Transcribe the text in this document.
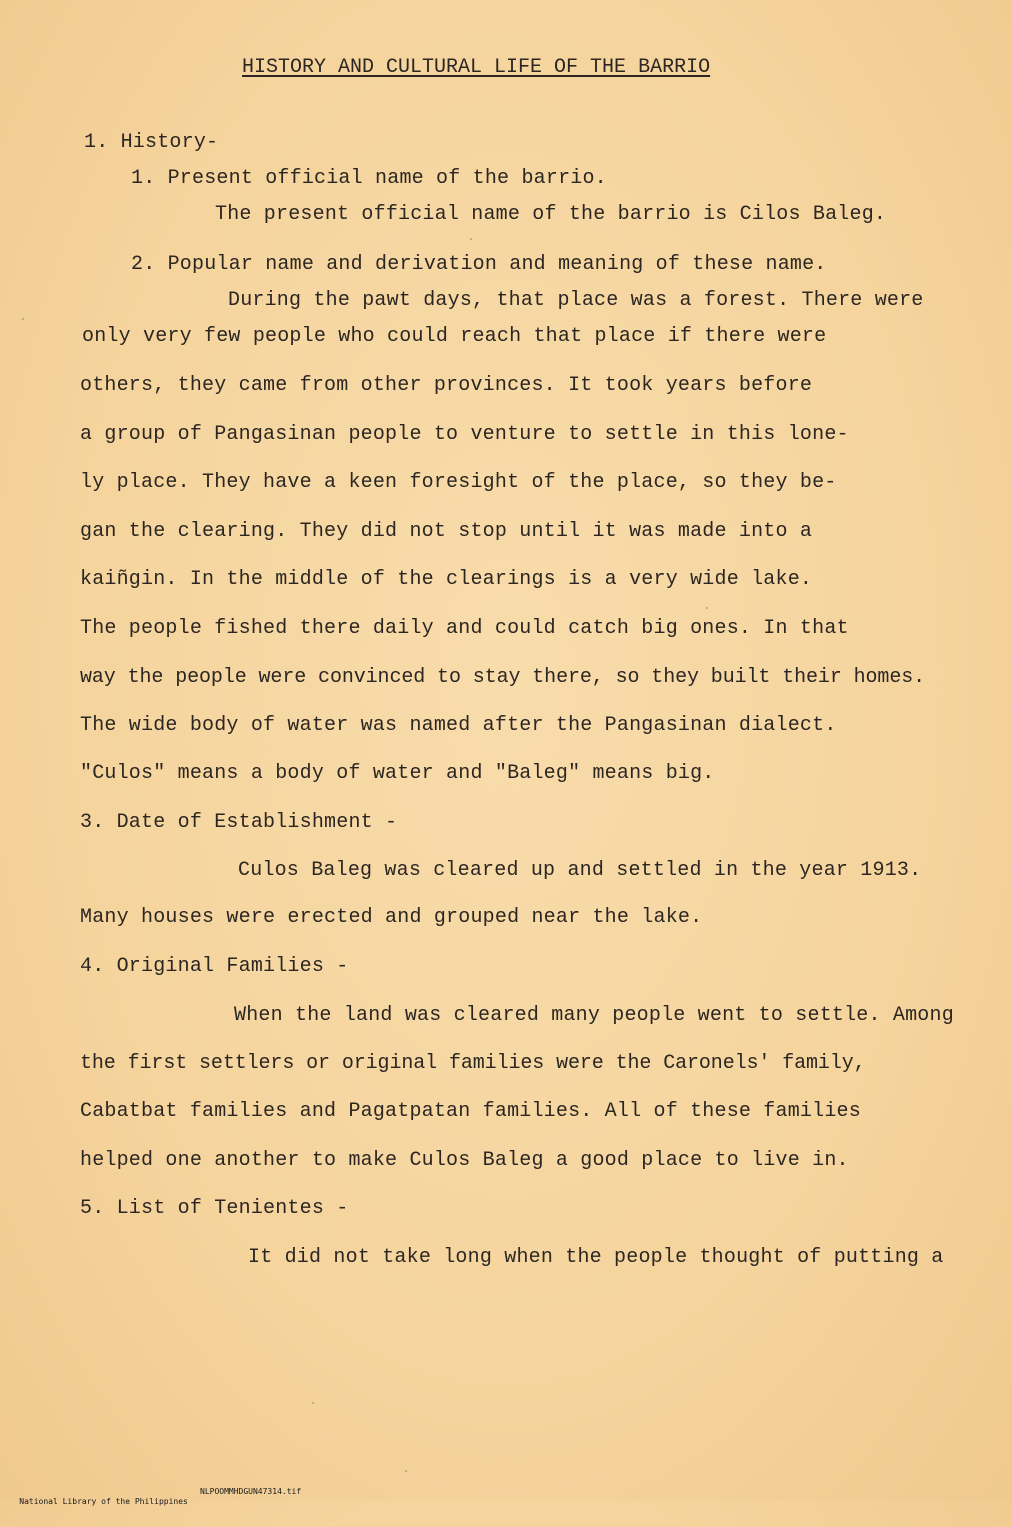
HISTORY AND CULTURAL LIFE OF THE BARRIO
1. History-
1. Present official name of the barrio.
The present official name of the barrio is Cilos Baleg.
2. Popular name and derivation and meaning of these name.
During the pawt days, that place was a forest. There were
only very few people who could reach that place if there were
others, they came from other provinces. It took years before
a group of Pangasinan people to venture to settle in this lone-
ly place. They have a keen foresight of the place, so they be-
gan the clearing. They did not stop until it was made into a
kaiñgin. In the middle of the clearings is a very wide lake.
The people fished there daily and could catch big ones. In that
way the people were convinced to stay there, so they built their homes.
The wide body of water was named after the Pangasinan dialect.
"Culos" means a body of water and "Baleg" means big.
3. Date of Establishment -
Culos Baleg was cleared up and settled in the year 1913.
Many houses were erected and grouped near the lake.
4. Original Families -
When the land was cleared many people went to settle. Among
the first settlers or original families were the Caronels' family,
Cabatbat families and Pagatpatan families. All of these families
helped one another to make Culos Baleg a good place to live in.
5. List of Tenientes -
It did not take long when the people thought of putting a

National Library of the Philippines

NLPOOMMHDGUN47314.tif
